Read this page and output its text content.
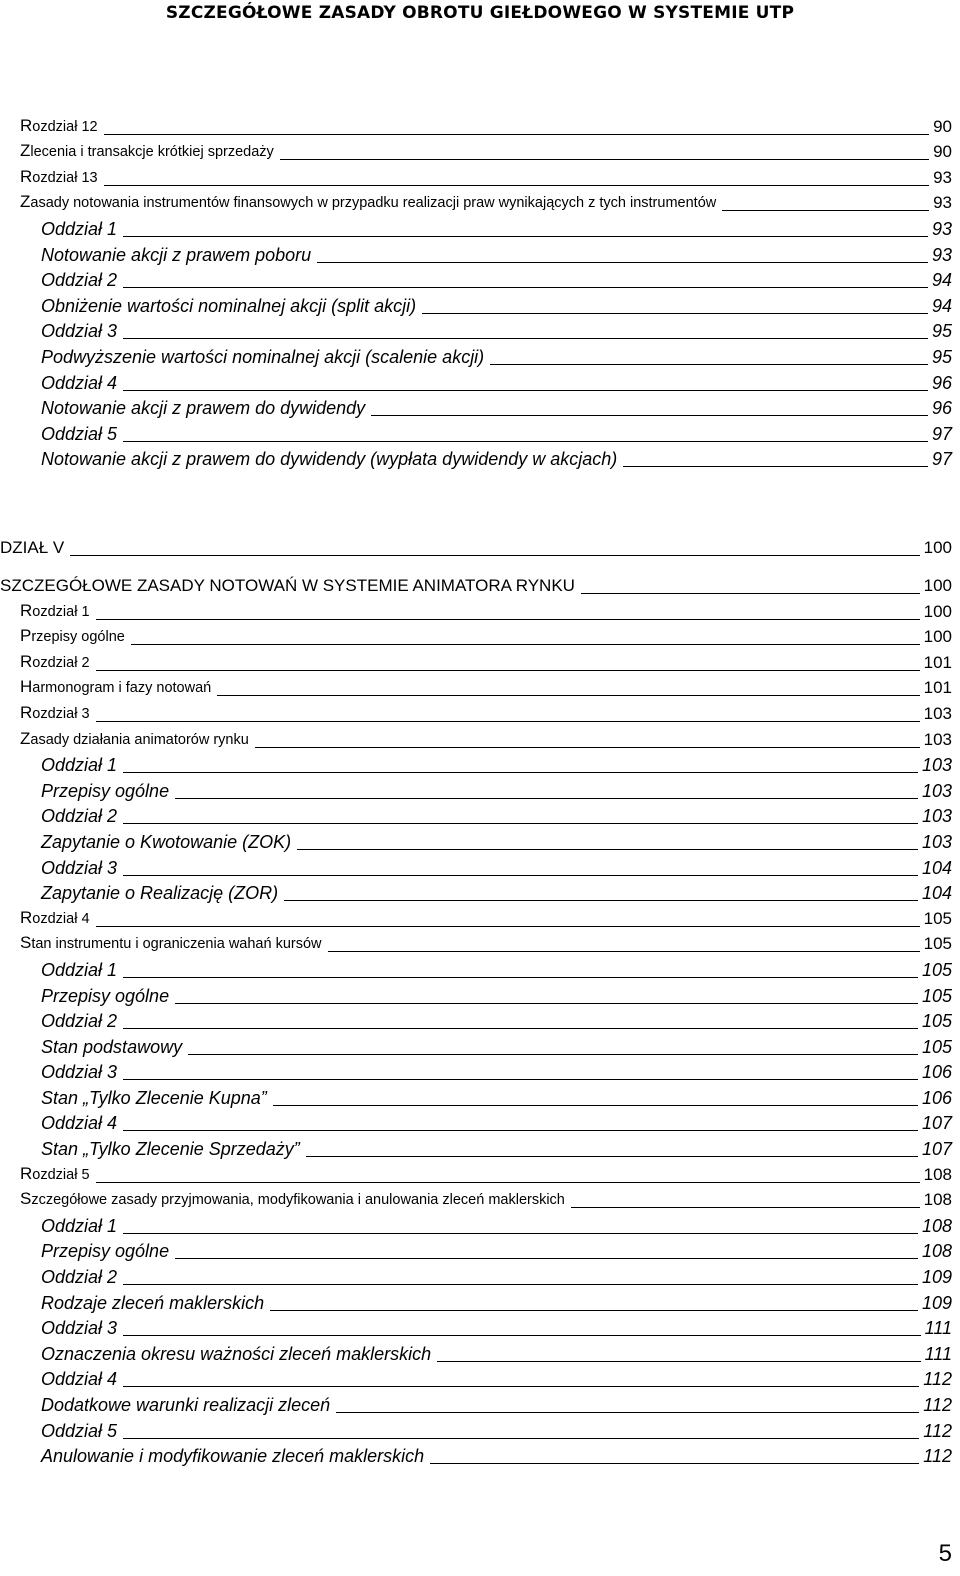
SZCZEGÓŁOWE ZASADY OBROTU GIEŁDOWEGO W SYSTEMIE UTP
Rozdział 12	90
Zlecenia i transakcje krótkiej sprzedaży	90
Rozdział 13	93
Zasady notowania instrumentów finansowych w przypadku realizacji praw wynikających z tych instrumentów	93
Oddział 1	93
Notowanie akcji z prawem poboru	93
Oddział 2	94
Obniżenie wartości nominalnej akcji (split akcji)	94
Oddział 3	95
Podwyższenie wartości nominalnej akcji (scalenie akcji)	95
Oddział 4	96
Notowanie akcji z prawem do dywidendy	96
Oddział 5	97
Notowanie akcji z prawem do dywidendy (wypłata dywidendy w akcjach)	97
DZIAŁ V	100
SZCZEGÓŁOWE ZASADY NOTOWAŃ W SYSTEMIE ANIMATORA RYNKU	100
Rozdział 1	100
Przepisy ogólne	100
Rozdział 2	101
Harmonogram i fazy notowań	101
Rozdział 3	103
Zasady działania animatorów rynku	103
Oddział 1	103
Przepisy ogólne	103
Oddział 2	103
Zapytanie o Kwotowanie (ZOK)	103
Oddział 3	104
Zapytanie o Realizację (ZOR)	104
Rozdział 4	105
Stan instrumentu i ograniczenia wahań kursów	105
Oddział 1	105
Przepisy ogólne	105
Oddział 2	105
Stan podstawowy	105
Oddział 3	106
Stan „Tylko Zlecenie Kupna”	106
Oddział 4	107
Stan „Tylko Zlecenie Sprzedaży”	107
Rozdział 5	108
Szczegółowe zasady przyjmowania, modyfikowania i anulowania zleceń maklerskich	108
Oddział 1	108
Przepisy ogólne	108
Oddział 2	109
Rodzaje zleceń maklerskich	109
Oddział 3	111
Oznaczenia okresu ważności zleceń maklerskich	111
Oddział 4	112
Dodatkowe warunki realizacji zleceń	112
Oddział 5	112
Anulowanie i modyfikowanie zleceń maklerskich	112
5
